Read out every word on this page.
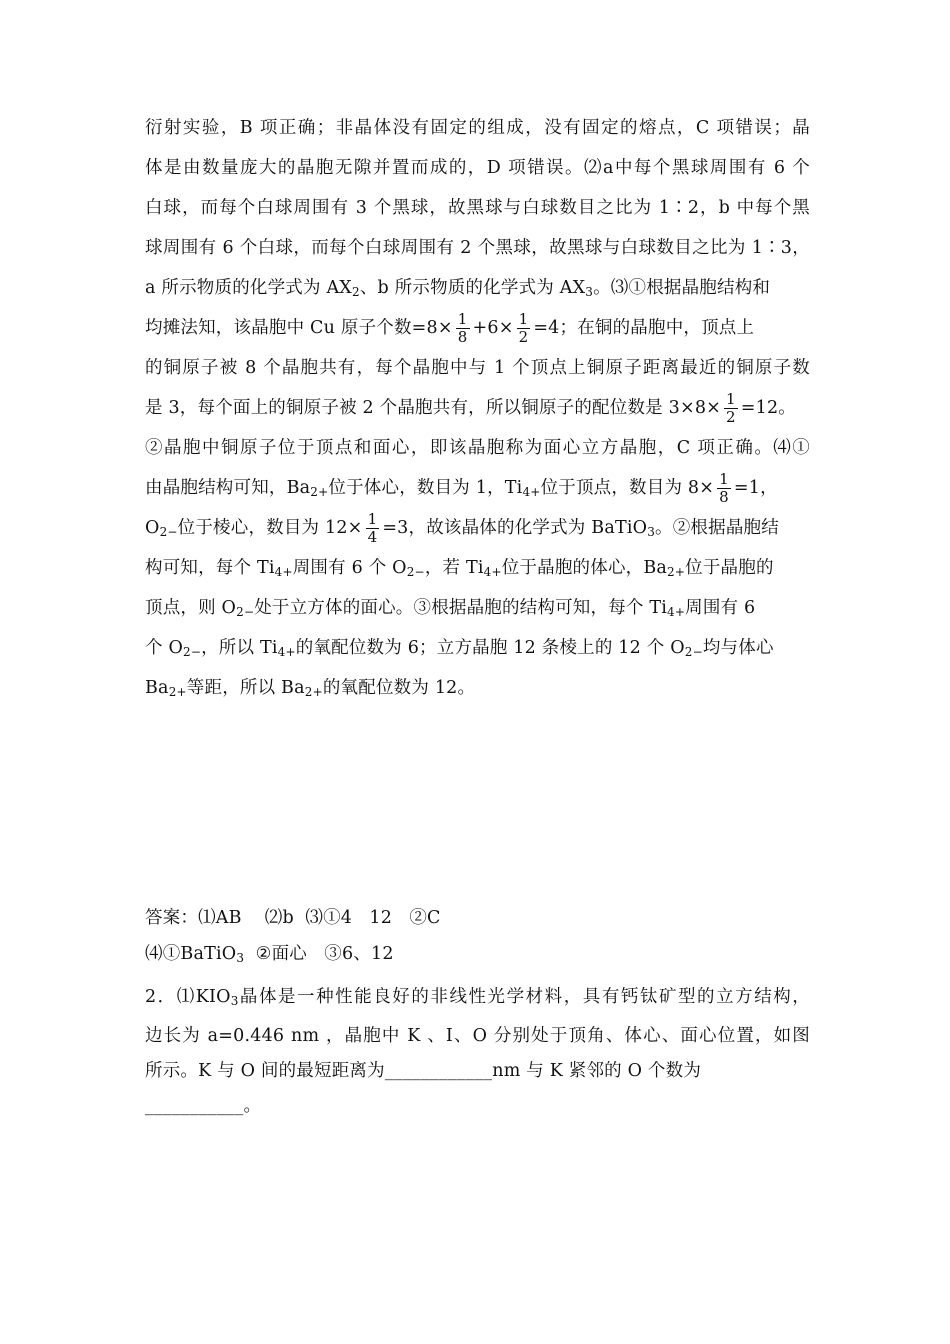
衍射实验，B 项正确；非晶体没有固定的组成，没有固定的熔点，C 项错误；晶
体是由数量庞大的晶胞无隙并置而成的，D 项错误。⑵a中每个黑球周围有 6 个
白球，而每个白球周围有 3 个黑球，故黑球与白球数目之比为 1∶2，b 中每个黑
球周围有 6 个白球，而每个白球周围有 2 个黑球，故黑球与白球数目之比为 1∶3，
a 所示物质的化学式为 $AX_2$、b 所示物质的化学式为 $AX_3$。⑶①根据晶胞结构和
均摊法知，该晶胞中 Cu 原子个数$=8\times \frac{1}{8} +6\times \frac{1}{2} =4$；在铜的晶胞中，顶点上
的铜原子被 8 个晶胞共有，每个晶胞中与 1 个顶点上铜原子距离最近的铜原子数
是 3，每个面上的铜原子被 2 个晶胞共有，所以铜原子的配位数是 $3\times 8\times \frac{1}{2} =12$。
②晶胞中铜原子位于顶点和面心，即该晶胞称为面心立方晶胞，C 项正确。⑷①
由晶胞结构可知，$Ba_{2+}$位于体心，数目为 1，$Ti_{4+}$位于顶点，数目为 $8\times \frac{1}{8} =1$，
$O_{2-}$位于棱心，数目为 $12\times \frac{1}{4} =3$，故该晶体的化学式为 BaTiO$_3$。②根据晶胞结
构可知，每个 $Ti_{4+}$周围有 6 个 $O_{2-}$，若 $Ti_{4+}$位于晶胞的体心，$Ba_{2+}$位于晶胞的
顶点，则 $O_{2-}$处于立方体的面心。③根据晶胞的结构可知，每个 $Ti_{4+}$周围有 6
个 $O_{2-}$，所以 $Ti_{4+}$的氧配位数为 6；立方晶胞 12 条棱上的 12 个 $O_{2-}$均与体心
$Ba_{2+}$等距，所以 $Ba_{2+}$的氧配位数为 12。
答案：⑴AB    ⑵b  ⑶①4   12   ②C
⑷①BaTiO$_3$  ②面心   ③6、12
2．$⑴KIO_3$晶体是一种性能良好的非线性光学材料，具有钙钛矿型的立方结构，
边长为 a=0.446 nm ，晶胞中 K 、I、O 分别处于顶角、体心、面心位置，如图
所示。K 与 O 间的最短距离为____________nm 与 K 紧邻的 O 个数为
___________。
